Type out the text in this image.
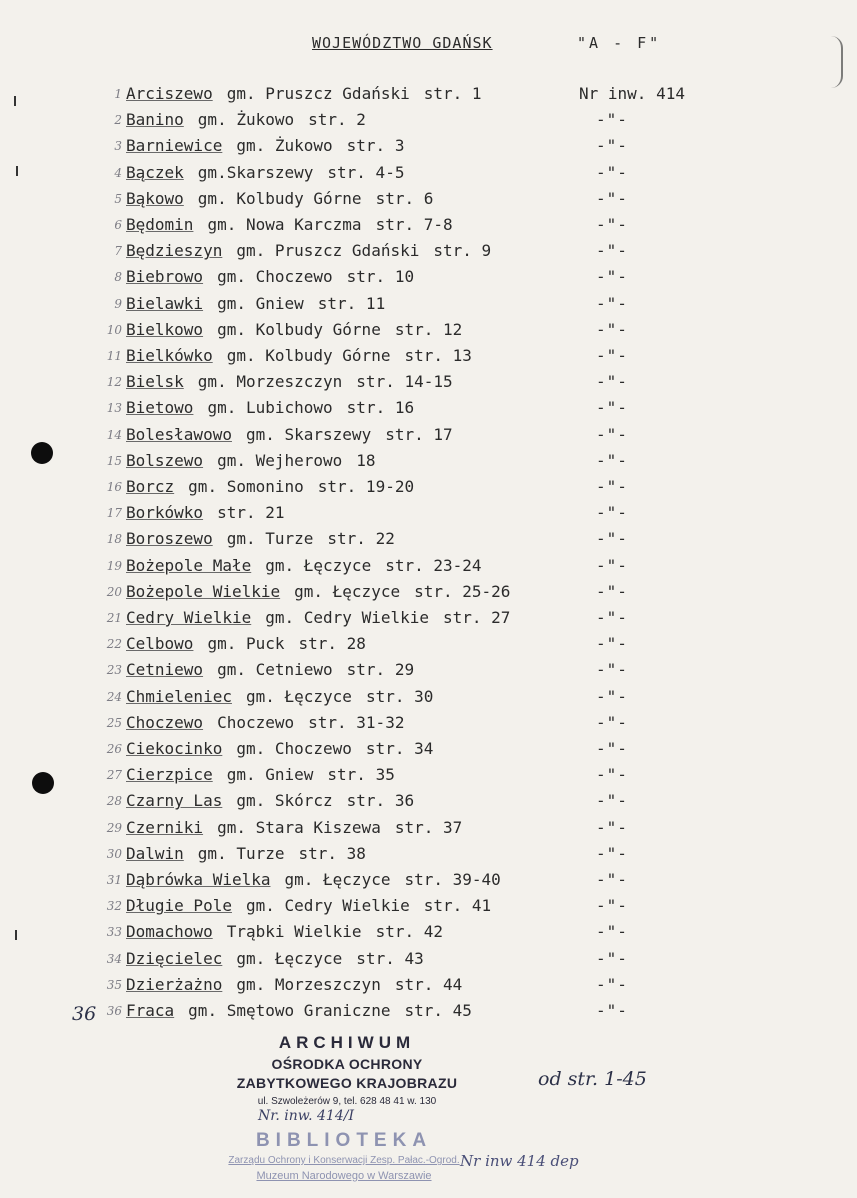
WOJEWÓDZTWO GDAŃSK	"A - F"
1 Arciszewo gm. Pruszcz Gdański str. 1	Nr inw. 414
2 Banino gm. Żukowo str. 2	-"-
3 Barniewice gm. Żukowo str. 3	-"-
4 Bączek gm.Skarszewy str. 4-5	-"-
5 Bąkowo gm. Kolbudy Górne str. 6	-"-
6 Będomin gm. Nowa Karczma str. 7-8	-"-
7 Będzieszyn gm. Pruszcz Gdański str. 9	-"-
8 Biebrowo gm. Choczewo str. 10	-"-
9 Bielawki gm. Gniew str. 11	-"-
10 Bielkowo gm. Kolbudy Górne str. 12	-"-
11 Bielkówko gm. Kolbudy Górne str. 13	-"-
12 Bielsk gm. Morzeszczyn str. 14-15	-"-
13 Bietowo gm. Lubichowo str. 16	-"-
14 Bolesławowo gm. Skarszewy str. 17	-"-
15 Bolszewo gm. Wejherowo 18	-"-
16 Borcz gm. Somonino str. 19-20	-"-
17 Borkówko str. 21	-"-
18 Boroszewo gm. Turze str. 22	-"-
19 Bożepole Małe gm. Łęczyce str. 23-24	-"-
20 Bożepole Wielkie gm. Łęczyce str. 25-26	-"-
21 Cedry Wielkie gm. Cedry Wielkie str. 27	-"-
22 Celbowo gm. Puck str. 28	-"-
23 Cetniewo gm. Cetniewo str. 29	-"-
24 Chmieleniec gm. Łęczyce str. 30	-"-
25 Choczewo Choczewo str. 31-32	-"-
26 Ciekocinko gm. Choczewo str. 34	-"-
27 Cierzpice gm. Gniew str. 35	-"-
28 Czarny Las gm. Skórcz str. 36	-"-
29 Czerniki gm. Stara Kiszewa str. 37	-"-
30 Dalwin gm. Turze str. 38	-"-
31 Dąbrówka Wielka gm. Łęczyce str. 39-40	-"-
32 Długie Pole gm. Cedry Wielkie str. 41	-"-
33 Domachowo Trąbki Wielkie str. 42	-"-
34 Dzięcielec gm. Łęczyce str. 43	-"-
35 Dzierżażno gm. Morzeszczyn str. 44	-"-
36 Fraca gm. Smętowo Graniczne str. 45	-"-
36
ARCHIWUM
OŚRODKA OCHRONY
ZABYTKOWEGO KRAJOBRAZU
ul. Szwoleżerów 9, tel. 628 48 41 w. 130
od str. 1-45
Nr. inw. 414/I
BIBLIOTEKA
Zarządu Ochrony i Konserwacji Zesp. Pałac.-Ogrod.
Muzeum Narodowego w Warszawie
Nr inw 414 dep
